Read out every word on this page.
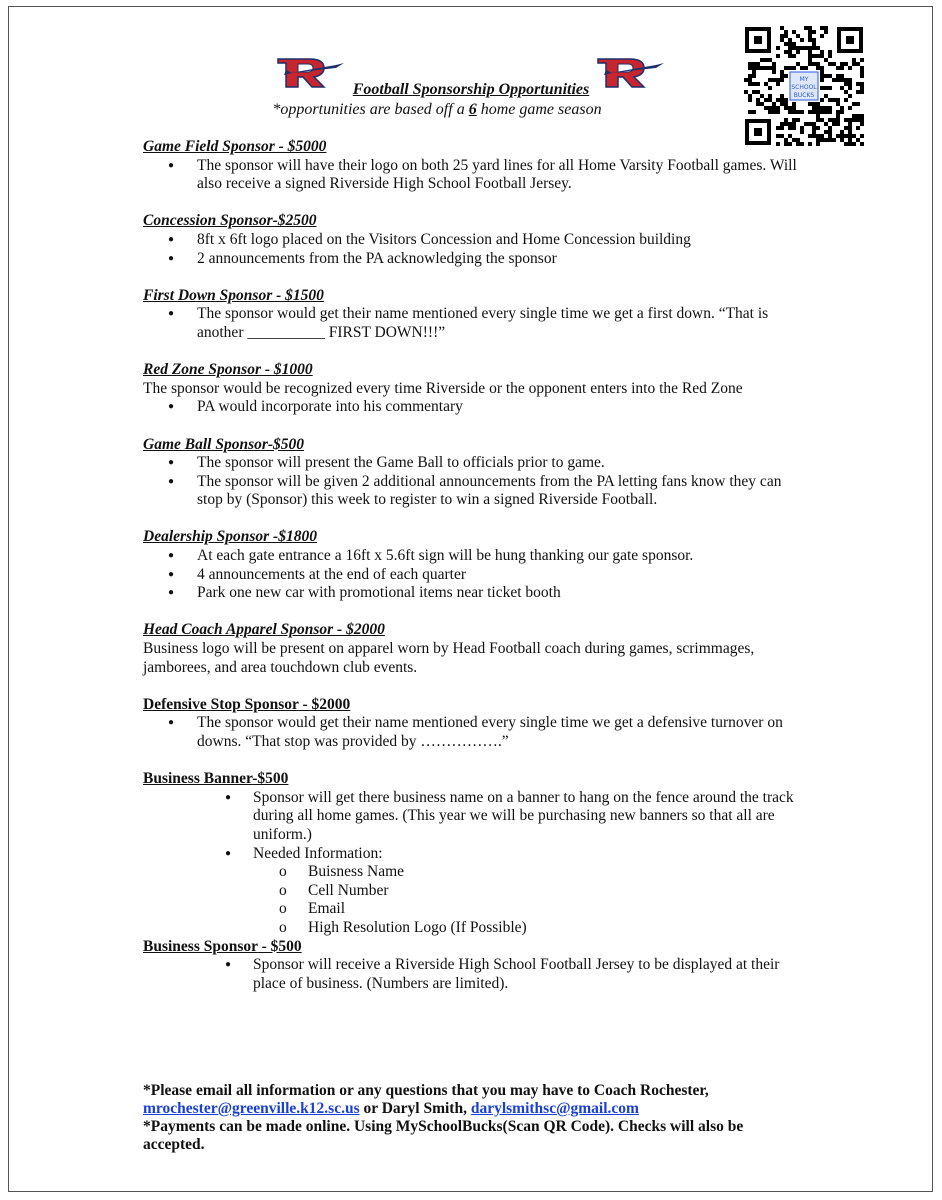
MY
SCHOOL
BUCKS
Football Sponsorship Opportunities
*opportunities are based off a 6 home game season
Game Field Sponsor - $5000
● The sponsor will have their logo on both 25 yard lines for all Home Varsity Football games. Will also receive a signed Riverside High School Football Jersey.
Concession Sponsor-$2500
● 8ft x 6ft logo placed on the Visitors Concession and Home Concession building
● 2 announcements from the PA acknowledging the sponsor
First Down Sponsor - $1500
● The sponsor would get their name mentioned every single time we get a first down. “That is another __________ FIRST DOWN!!!”
Red Zone Sponsor - $1000

The sponsor would be recognized every time Riverside or the opponent enters into the Red Zone

● PA would incorporate into his commentary
Game Ball Sponsor-$500
● The sponsor will present the Game Ball to officials prior to game.
● The sponsor will be given 2 additional announcements from the PA letting fans know they can stop by (Sponsor) this week to register to win a signed Riverside Football.
Dealership Sponsor -$1800
● At each gate entrance a 16ft x 5.6ft sign will be hung thanking our gate sponsor.
● 4 announcements at the end of each quarter
● Park one new car with promotional items near ticket booth
Head Coach Apparel Sponsor - $2000

Business logo will be present on apparel worn by Head Football coach during games, scrimmages, jamborees, and area touchdown club events.

Defensive Stop Sponsor - $2000
● The sponsor would get their name mentioned every single time we get a defensive turnover on downs. “That stop was provided by …………….”
Business Banner-$500
● Sponsor will get there business name on a banner to hang on the fence around the track during all home games. (This year we will be purchasing new banners so that all are uniform.)
● Needed Information:
o Buisness Name
o Cell Number
o Email
o High Resolution Logo (If Possible)
Business Sponsor - $500
● Sponsor will receive a Riverside High School Football Jersey to be displayed at their place of business. (Numbers are limited).
*Please email all information or any questions that you may have to Coach Rochester,
mrochester@greenville.k12.sc.us or Daryl Smith, darylsmithsc@gmail.com
*Payments can be made online. Using MySchoolBucks(Scan QR Code). Checks will also be accepted.
